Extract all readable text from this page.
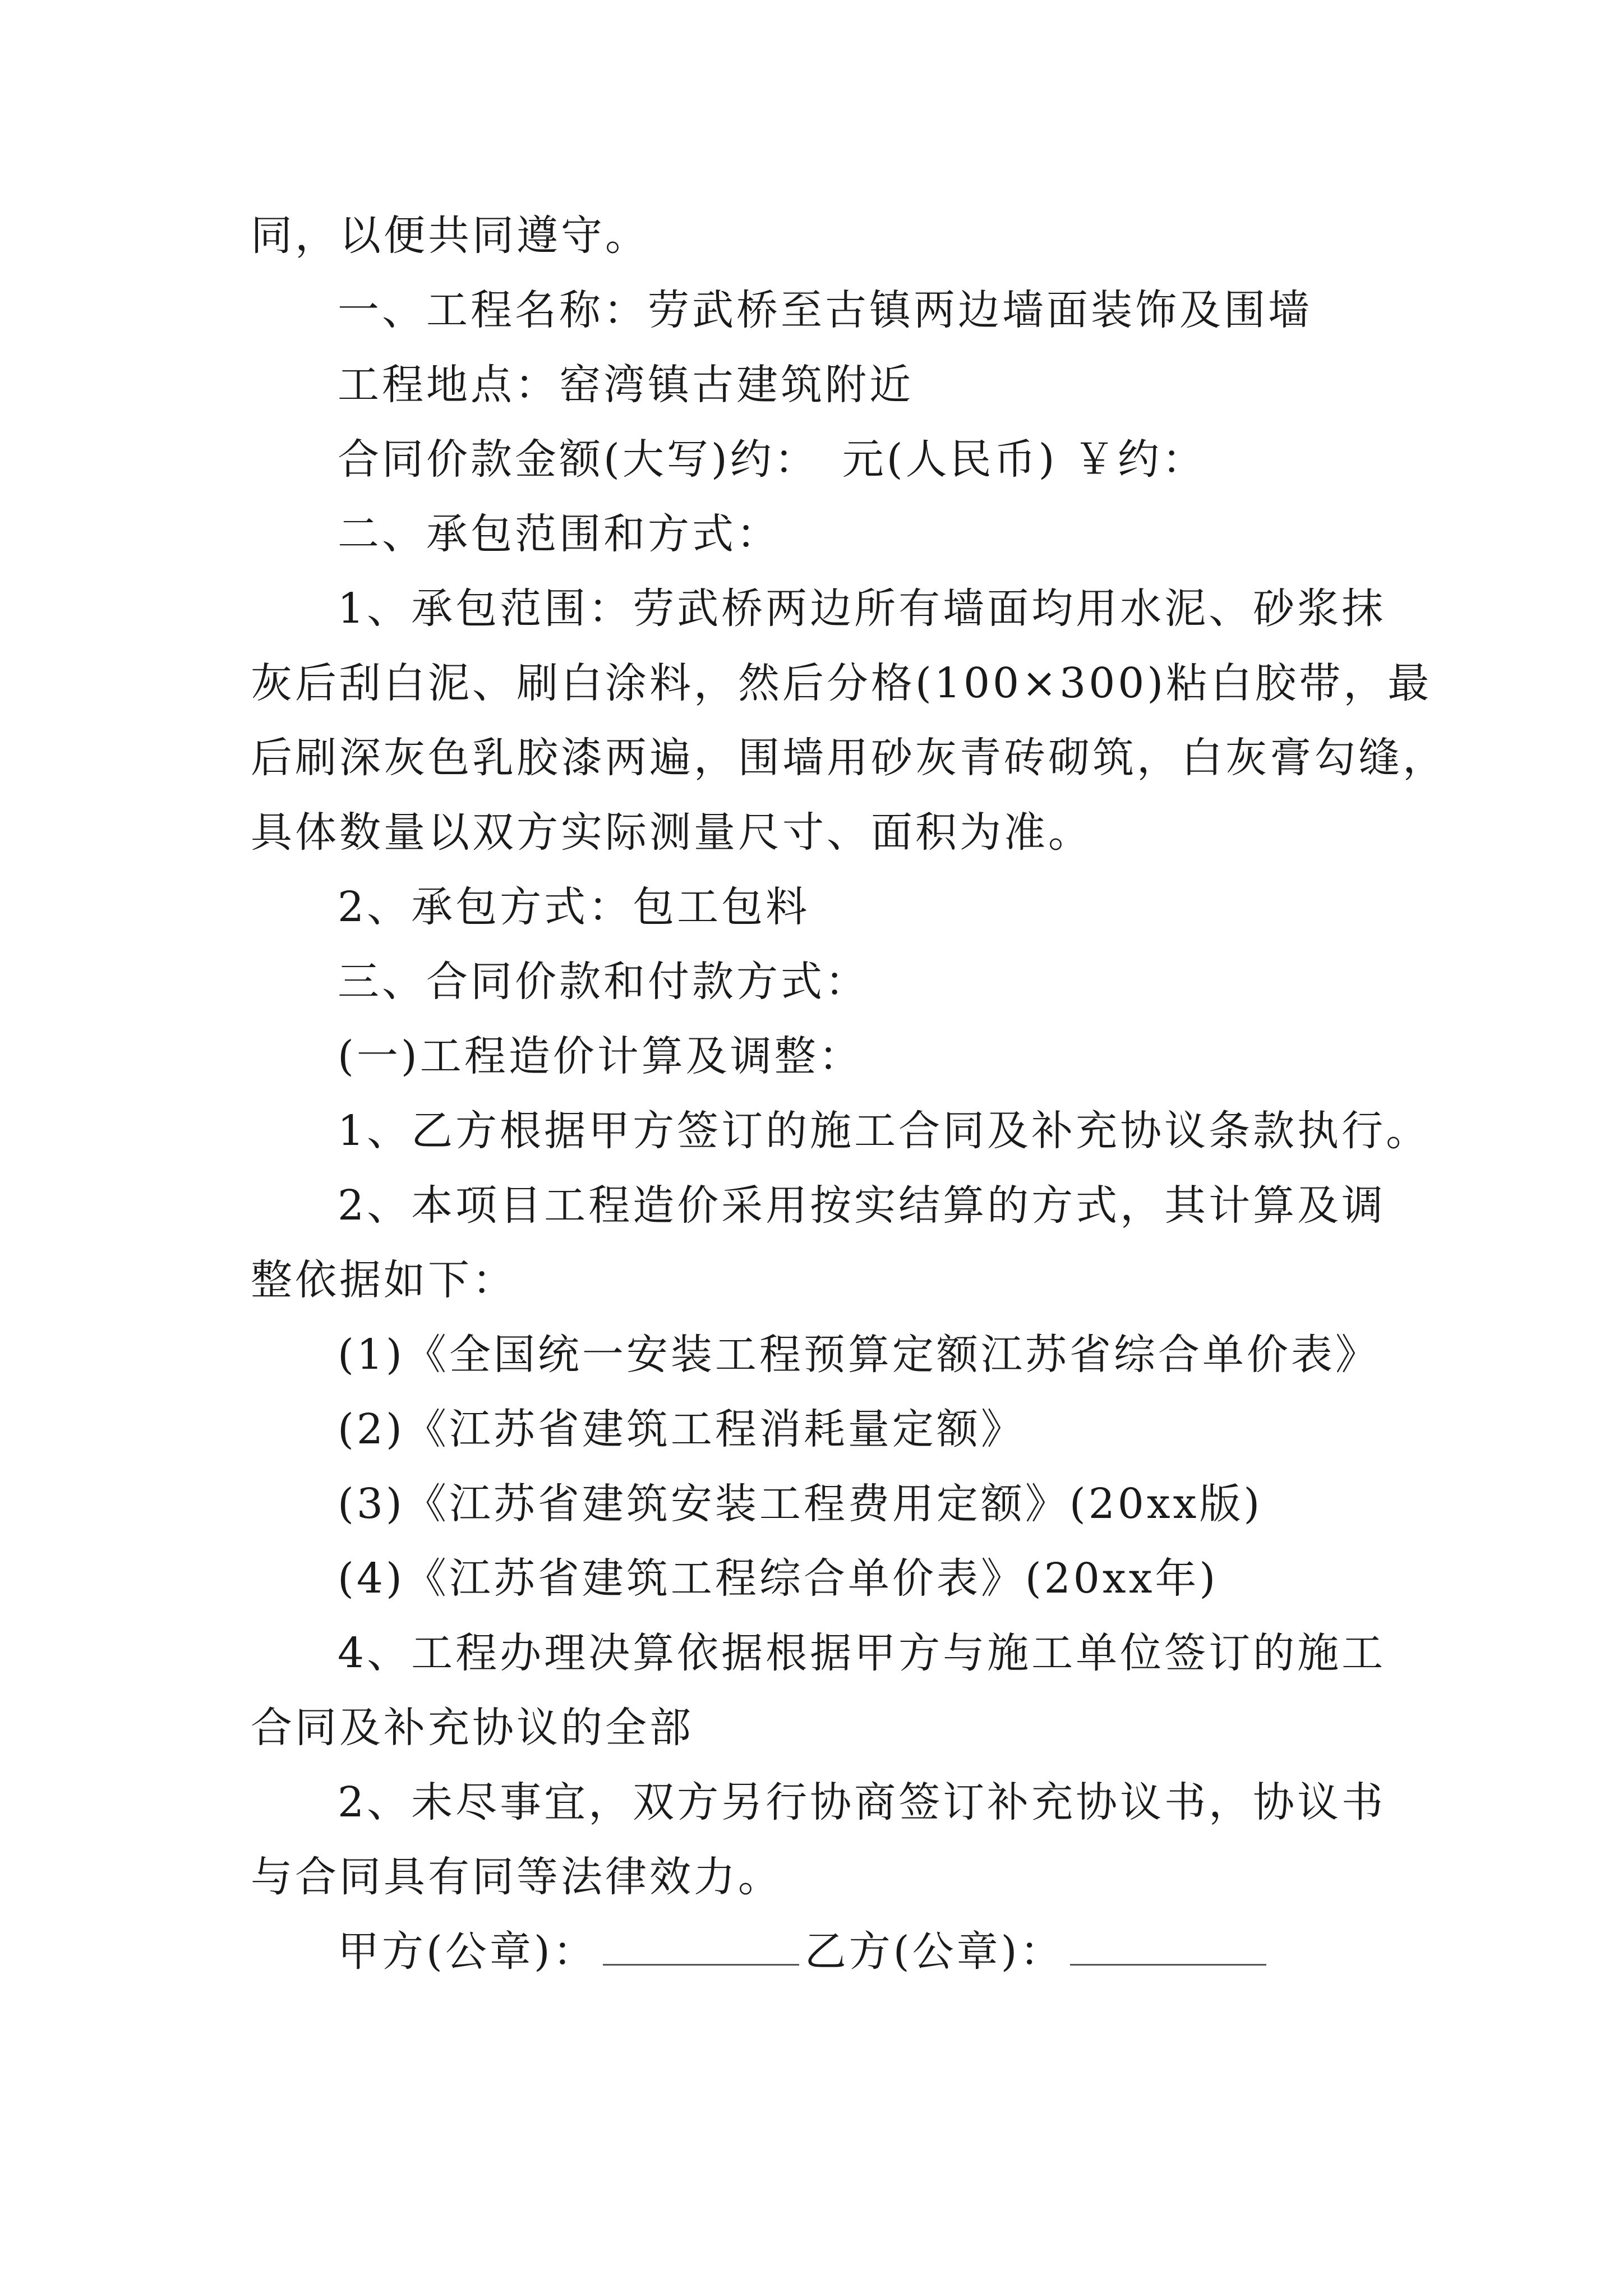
同，以便共同遵守。
一、工程名称：劳武桥至古镇两边墙面装饰及围墙
工程地点：窑湾镇古建筑附近
合同价款金额(大写)约：　元(人民币) ￥约：
二、承包范围和方式：
1、承包范围：劳武桥两边所有墙面均用水泥、砂浆抹
灰后刮白泥、刷白涂料，然后分格(100×300)粘白胶带，最
后刷深灰色乳胶漆两遍，围墙用砂灰青砖砌筑，白灰膏勾缝，
具体数量以双方实际测量尺寸、面积为准。
2、承包方式：包工包料
三、合同价款和付款方式：
(一)工程造价计算及调整：
1、乙方根据甲方签订的施工合同及补充协议条款执行。
2、本项目工程造价采用按实结算的方式，其计算及调
整依据如下：
(1)《全国统一安装工程预算定额江苏省综合单价表》
(2)《江苏省建筑工程消耗量定额》
(3)《江苏省建筑安装工程费用定额》(20xx版)
(4)《江苏省建筑工程综合单价表》(20xx年)
4、工程办理决算依据根据甲方与施工单位签订的施工
合同及补充协议的全部
2、未尽事宜，双方另行协商签订补充协议书，协议书
与合同具有同等法律效力。
甲方(公章)：	乙方(公章)：
